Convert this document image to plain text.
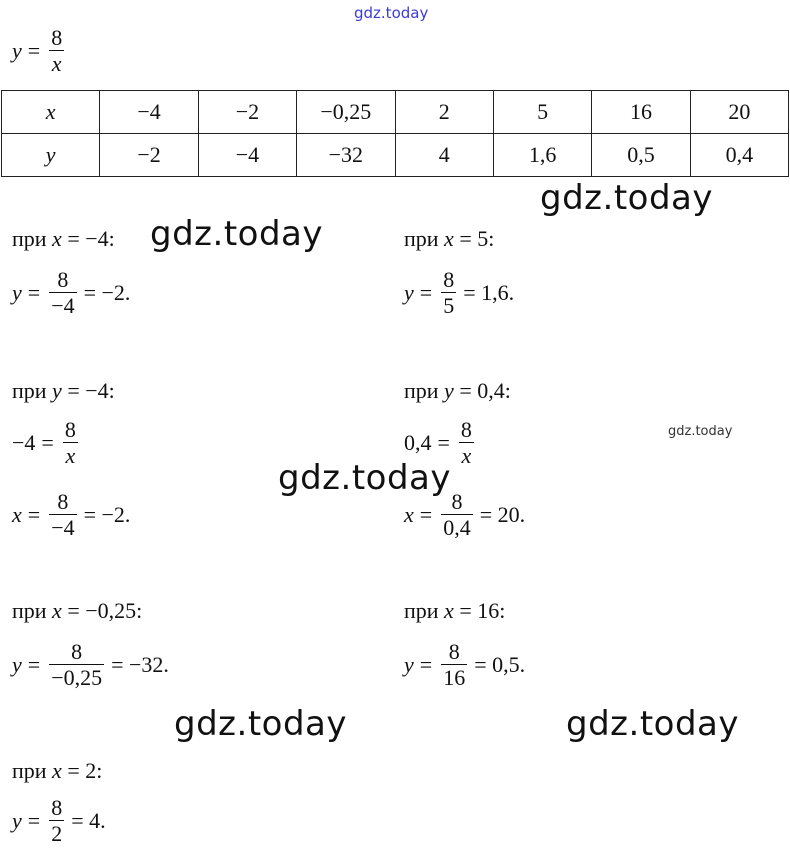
gdz.today
$y = \frac{8}{x}$
x	−4	−2	−0,25	2	5	16	20
y	−2	−4	−32	4	1,6	0,5	0,4
gdz.today
gdz.today
gdz.today
gdz.today	gdz.today
gdz.today
при x = −4:
$y = \frac{8}{-4} = -2$.
при x = 5:
$y = \frac{8}{5} = 1,6$.
при y = −4:
$-4 = \frac{8}{x}$
$x = \frac{8}{-4} = -2$.
при y = 0,4:
$0,4 = \frac{8}{x}$
$x = \frac{8}{0,4} = 20$.
при x = −0,25:
$y = \frac{8}{-0,25} = -32$.
при x = 16:
$y = \frac{8}{16} = 0,5$.
при x = 2:
$y = \frac{8}{2} = 4$.
